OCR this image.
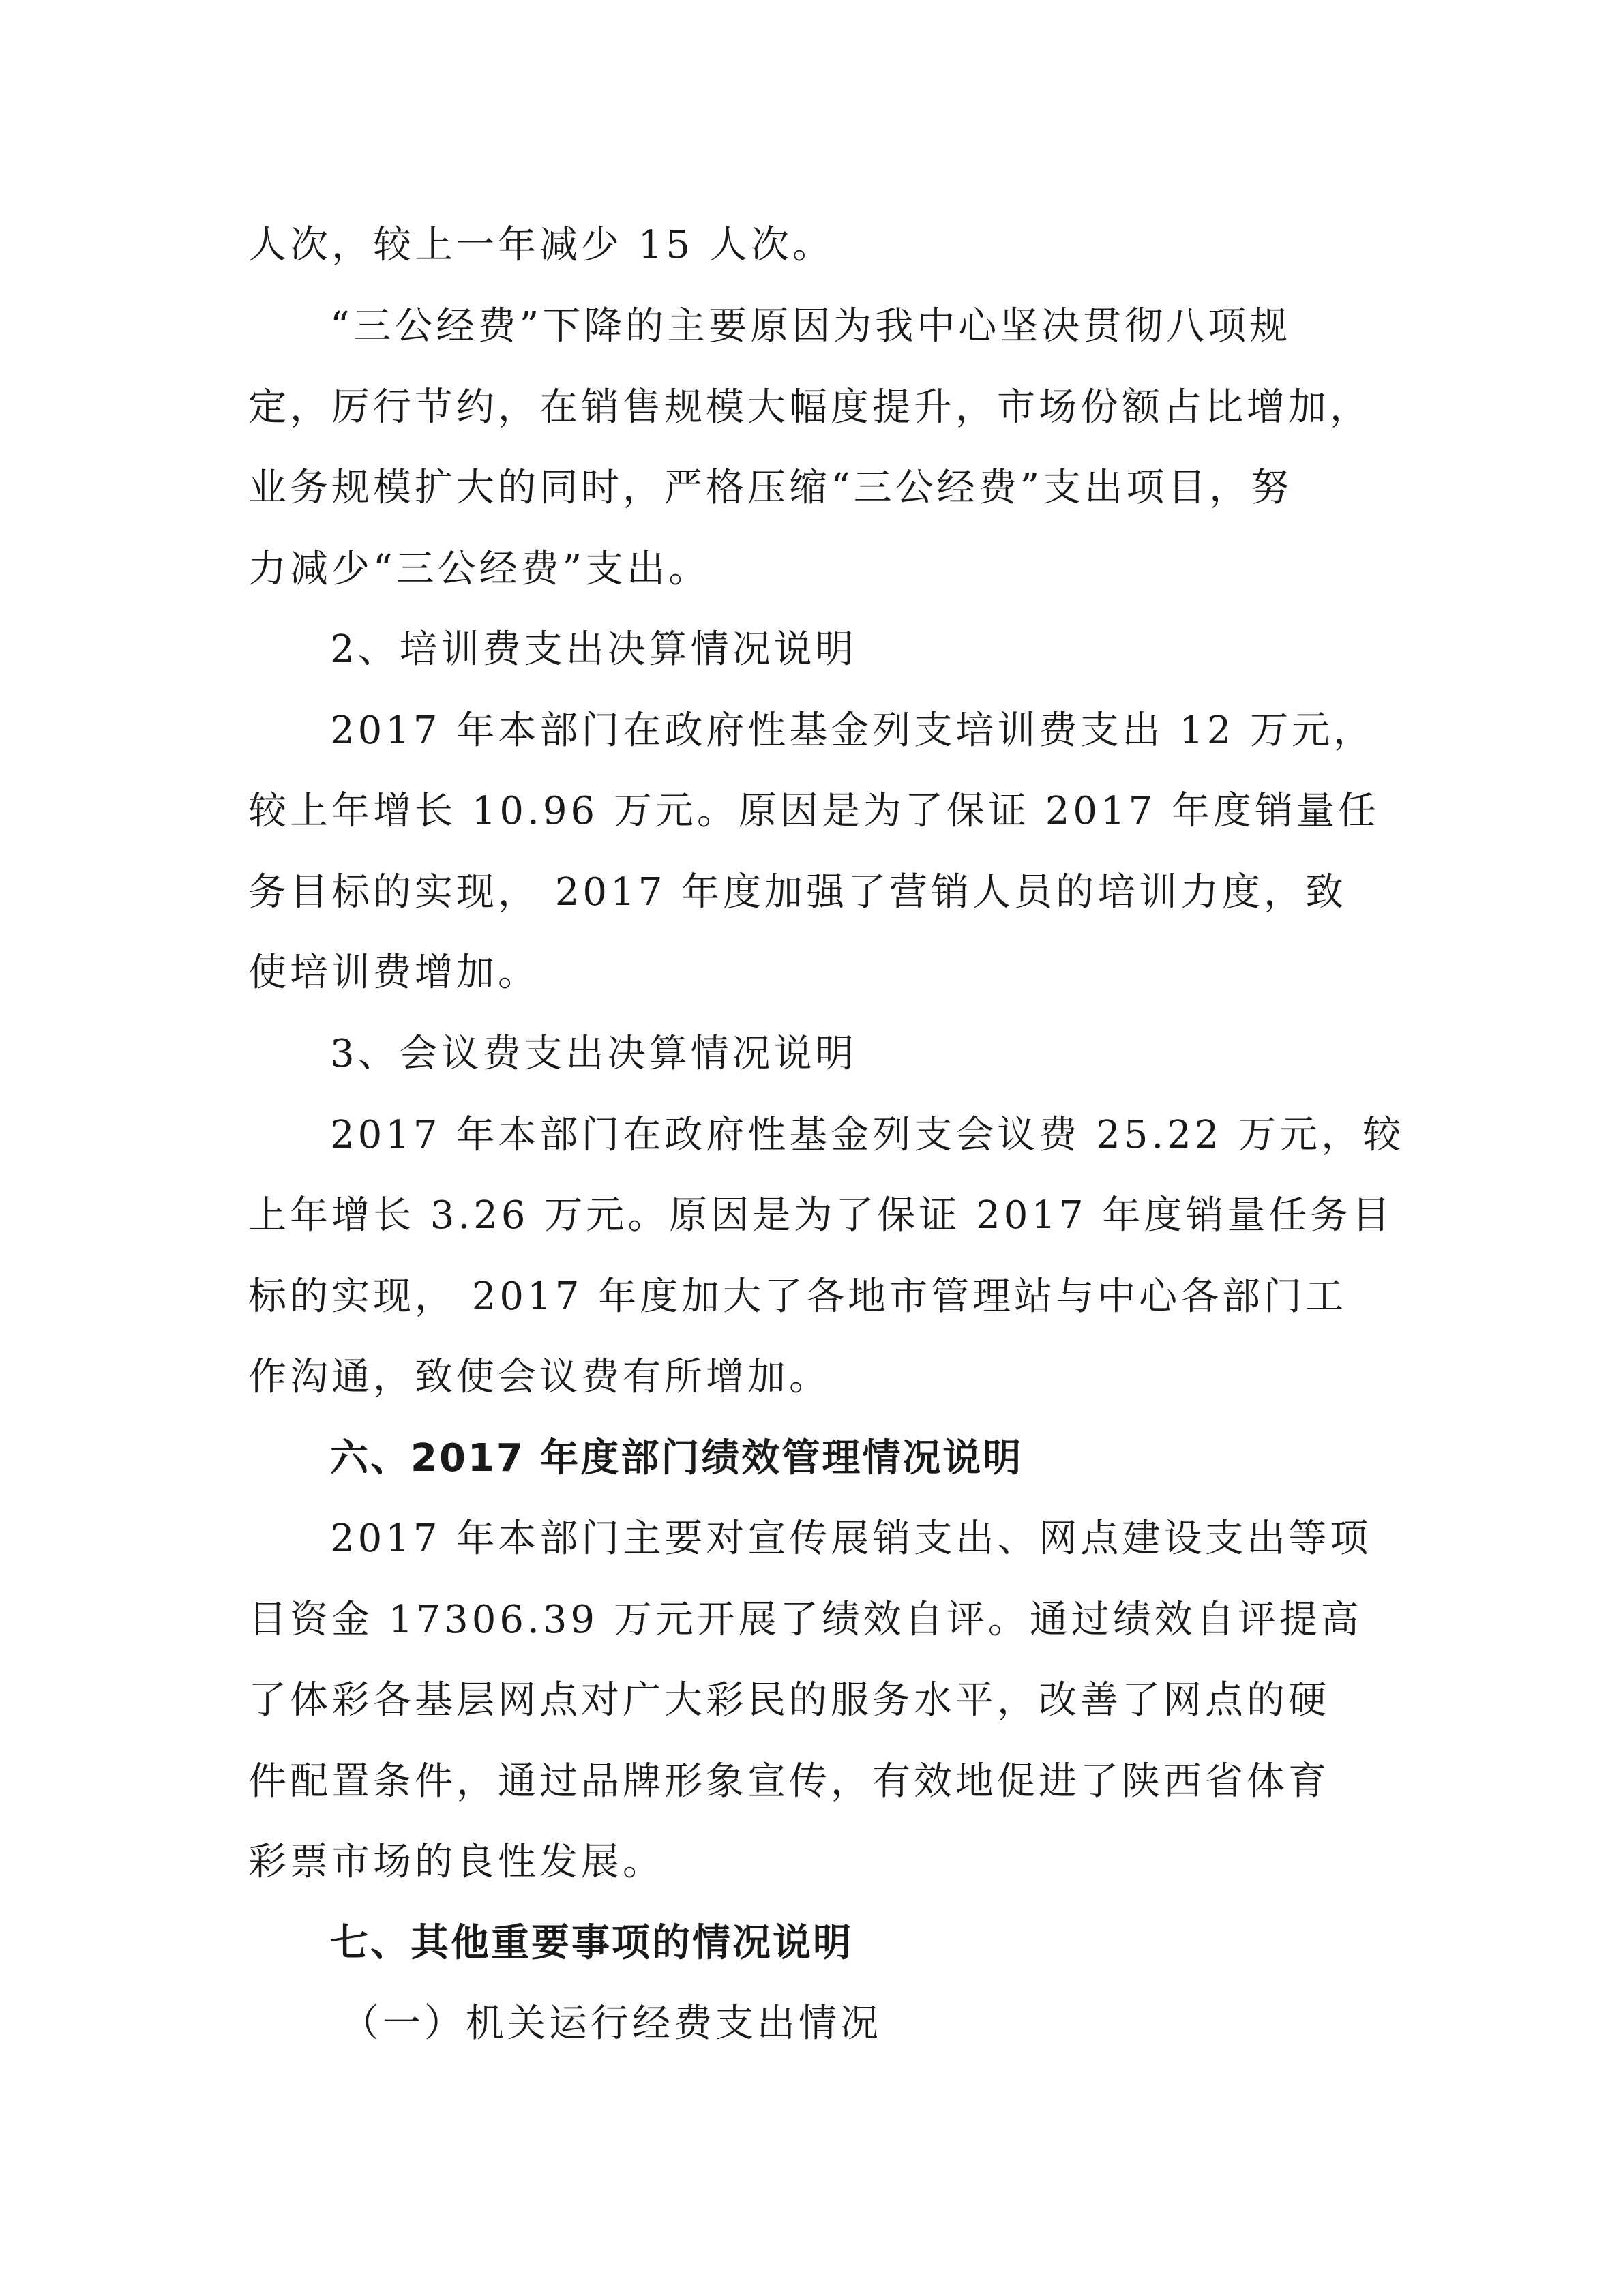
人次，较上一年减少 15 人次。
“三公经费”下降的主要原因为我中心坚决贯彻八项规
定，厉行节约，在销售规模大幅度提升，市场份额占比增加，
业务规模扩大的同时，严格压缩“三公经费”支出项目，努
力减少“三公经费”支出。
2、培训费支出决算情况说明
2017 年本部门在政府性基金列支培训费支出 12 万元，
较上年增长 10.96 万元。原因是为了保证 2017 年度销量任
务目标的实现， 2017 年度加强了营销人员的培训力度，致
使培训费增加。
3、会议费支出决算情况说明
2017 年本部门在政府性基金列支会议费 25.22 万元，较
上年增长 3.26 万元。原因是为了保证 2017 年度销量任务目
标的实现， 2017 年度加大了各地市管理站与中心各部门工
作沟通，致使会议费有所增加。
六、2017 年度部门绩效管理情况说明
2017 年本部门主要对宣传展销支出、网点建设支出等项
目资金 17306.39 万元开展了绩效自评。通过绩效自评提高
了体彩各基层网点对广大彩民的服务水平，改善了网点的硬
件配置条件，通过品牌形象宣传，有效地促进了陕西省体育
彩票市场的良性发展。
七、其他重要事项的情况说明
（一）机关运行经费支出情况
